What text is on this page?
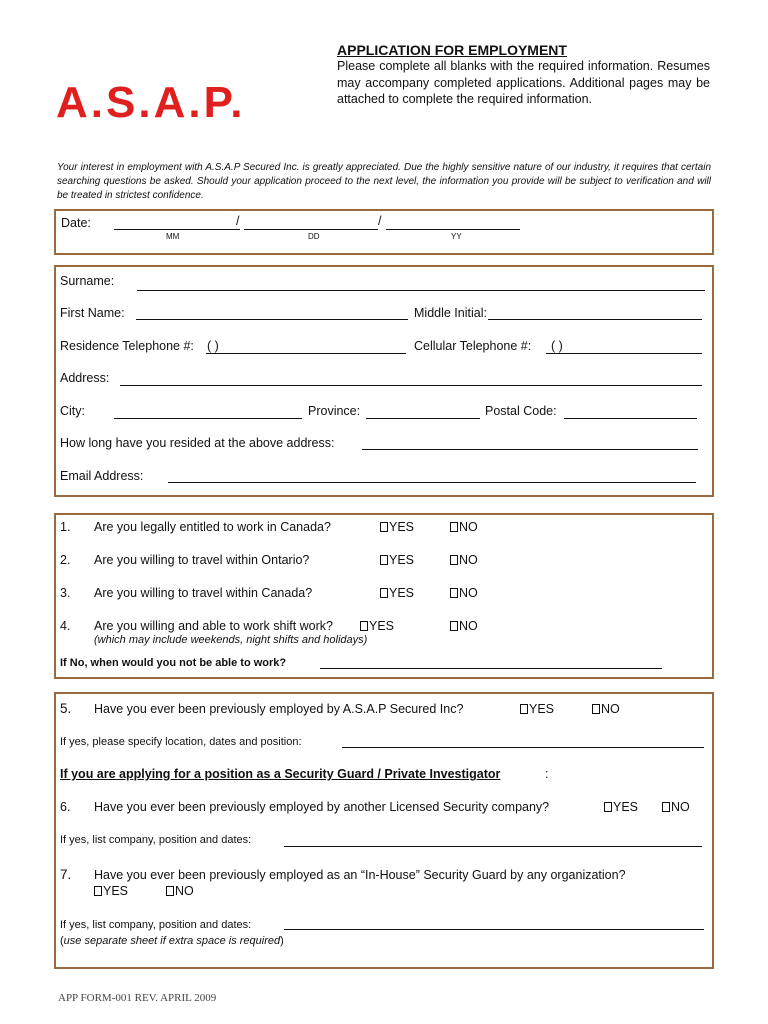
A.S.A.P.
APPLICATION FOR EMPLOYMENT
Please complete all blanks with the required information. Resumes may accompany completed applications. Additional pages may be attached to complete the required information.
Your interest in employment with A.S.A.P Secured Inc. is greatly appreciated. Due the highly sensitive nature of our industry, it requires that certain searching questions be asked. Should your application proceed to the next level, the information you provide will be subject to verification and will be treated in strictest confidence.
Date:	/	/
MM	DD	YY
Surname:
First Name:	Middle Initial:
Residence Telephone #: ( )	Cellular Telephone #: ( )
Address:
City:	Province:	Postal Code:
How long have you resided at the above address:
Email Address:
1. Are you legally entitled to work in Canada?	YES	NO
2. Are you willing to travel within Ontario?	YES	NO
3. Are you willing to travel within Canada?	YES	NO
4. Are you willing and able to work shift work?	YES	NO
(which may include weekends, night shifts and holidays)
If No, when would you not be able to work?
5. Have you ever been previously employed by A.S.A.P Secured Inc?	YES	NO
If yes, please specify location, dates and position:
If you are applying for a position as a Security Guard / Private Investigator	:
6. Have you ever been previously employed by another Licensed Security company?	YES	NO
If yes, list company, position and dates:
7. Have you ever been previously employed as an “In-House” Security Guard by any organization?
YES	NO
If yes, list company, position and dates:
(use separate sheet if extra space is required)
APP FORM-001 REV. APRIL 2009
